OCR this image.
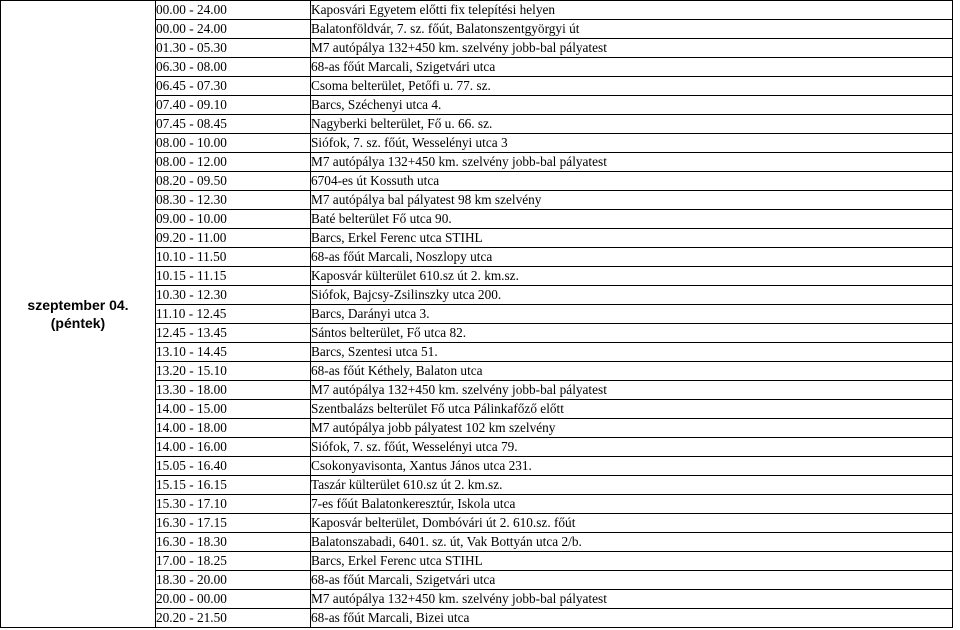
szeptember 04.
(péntek)	00.00 - 24.00	Kaposvári Egyetem előtti fix telepítési helyen
	00.00 - 24.00	Balatonföldvár, 7. sz. főút, Balatonszentgyörgyi út
	01.30 - 05.30	M7 autópálya 132+450 km. szelvény jobb-bal pályatest
	06.30 - 08.00	68-as főút Marcali, Szigetvári utca
	06.45 - 07.30	Csoma belterület, Petőfi u. 77. sz.
	07.40 - 09.10	Barcs, Széchenyi utca 4.
	07.45 - 08.45	Nagyberki belterület, Fő u. 66. sz.
	08.00 - 10.00	Siófok, 7. sz. főút, Wesselényi utca 3
	08.00 - 12.00	M7 autópálya 132+450 km. szelvény jobb-bal pályatest
	08.20 - 09.50	6704-es út Kossuth utca
	08.30 - 12.30	M7 autópálya bal pályatest 98 km szelvény
	09.00 - 10.00	Baté belterület Fő utca 90.
	09.20 - 11.00	Barcs, Erkel Ferenc utca STIHL
	10.10 - 11.50	68-as főút Marcali, Noszlopy utca
	10.15 - 11.15	Kaposvár külterület 610.sz út 2. km.sz.
	10.30 - 12.30	Siófok, Bajcsy-Zsilinszky utca 200.
	11.10 - 12.45	Barcs, Darányi utca 3.
	12.45 - 13.45	Sántos belterület, Fő utca 82.
	13.10 - 14.45	Barcs, Szentesi utca 51.
	13.20 - 15.10	68-as főút Kéthely, Balaton utca
	13.30 - 18.00	M7 autópálya 132+450 km. szelvény jobb-bal pályatest
	14.00 - 15.00	Szentbalázs belterület Fő utca Pálinkafőző előtt
	14.00 - 18.00	M7 autópálya jobb pályatest 102 km szelvény
	14.00 - 16.00	Siófok, 7. sz. főút, Wesselényi utca 79.
	15.05 - 16.40	Csokonyavisonta, Xantus János utca 231.
	15.15 - 16.15	Taszár külterület 610.sz út 2. km.sz.
	15.30 - 17.10	7-es főút Balatonkeresztúr, Iskola utca
	16.30 - 17.15	Kaposvár belterület, Dombóvári út 2. 610.sz. főút
	16.30 - 18.30	Balatonszabadi, 6401. sz. út, Vak Bottyán utca 2/b.
	17.00 - 18.25	Barcs, Erkel Ferenc utca STIHL
	18.30 - 20.00	68-as főút Marcali, Szigetvári utca
	20.00 - 00.00	M7 autópálya 132+450 km. szelvény jobb-bal pályatest
	20.20 - 21.50	68-as főút Marcali, Bizei utca
